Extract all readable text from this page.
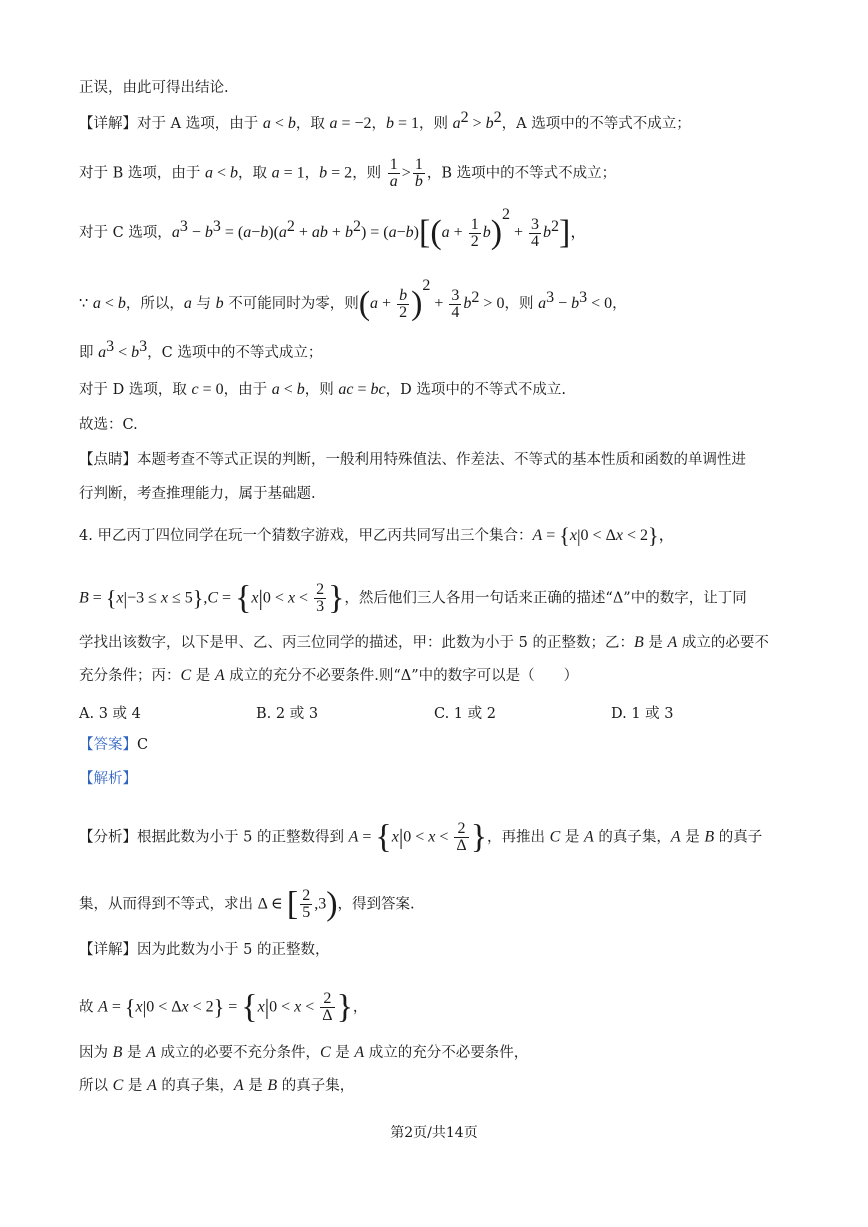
正误，由此可得出结论.
【详解】对于 A 选项，由于 a < b，取 a = −2，b = 1，则 $a^2 > b^2$，A 选项中的不等式不成立；
对于 B 选项，由于 a < b，取 a = 1，b = 2，则 $\frac{1}{a} > \frac{1}{b}$ ，B 选项中的不等式不成立；
对于 C 选项，$a^3 - b^3 = (a-b)(a^2$ + ab + $b^2) = (a-b)[(a + \frac{1}{2} b)^2 + \frac{3}{4} b^2]$，
∵ a < b，所以，a 与 b 不可能同时为零，则$(a + \frac{b}{2} )^2 + \frac{3}{4} b^2 > 0$，则 $a^3 - b^3 < 0$，
即 $a^3 < b^3$，C 选项中的不等式成立；
对于 D 选项，取 c = 0，由于 a < b，则 ac = bc，D 选项中的不等式不成立.
故选：C.
【点睛】本题考查不等式正误的判断，一般利用特殊值法、作差法、不等式的基本性质和函数的单调性进
行判断，考查推理能力，属于基础题.
4. 甲乙丙丁四位同学在玩一个猜数字游戏，甲乙丙共同写出三个集合：A = {x|0 < Δx < 2}，
$B = \{x|-3 \le x \le 5\},C = \{x|0 < x < \frac{2}{3}$ }，然后他们三人各用一句话来正确的描述“Δ”中的数字，让丁同
学找出该数字，以下是甲、乙、丙三位同学的描述，甲：此数为小于 5 的正整数；乙：B 是 A 成立的必要不
充分条件；丙：C 是 A 成立的充分不必要条件.则“Δ”中的数字可以是（　　）
A. 3 或 4	B. 2 或 3	C. 1 或 2	D. 1 或 3
【答案】C
【解析】
【分析】根据此数为小于 5 的正整数得到 $A = \{x|0 < x < \frac{2}{\Delta}$ }，再推出 C 是 A 的真子集，A 是 B 的真子
集，从而得到不等式，求出 Δ ∈ [ $\frac{2}{5} ,3$)，得到答案.
【详解】因为此数为小于 5 的正整数，
故 $A = \{x|0 < \Delta x < 2\} = \{x|0 < x < \frac{2}{\Delta}$ }，
因为 B 是 A 成立的必要不充分条件，C 是 A 成立的充分不必要条件，
所以 C 是 A 的真子集，A 是 B 的真子集，
第2页/共14页
